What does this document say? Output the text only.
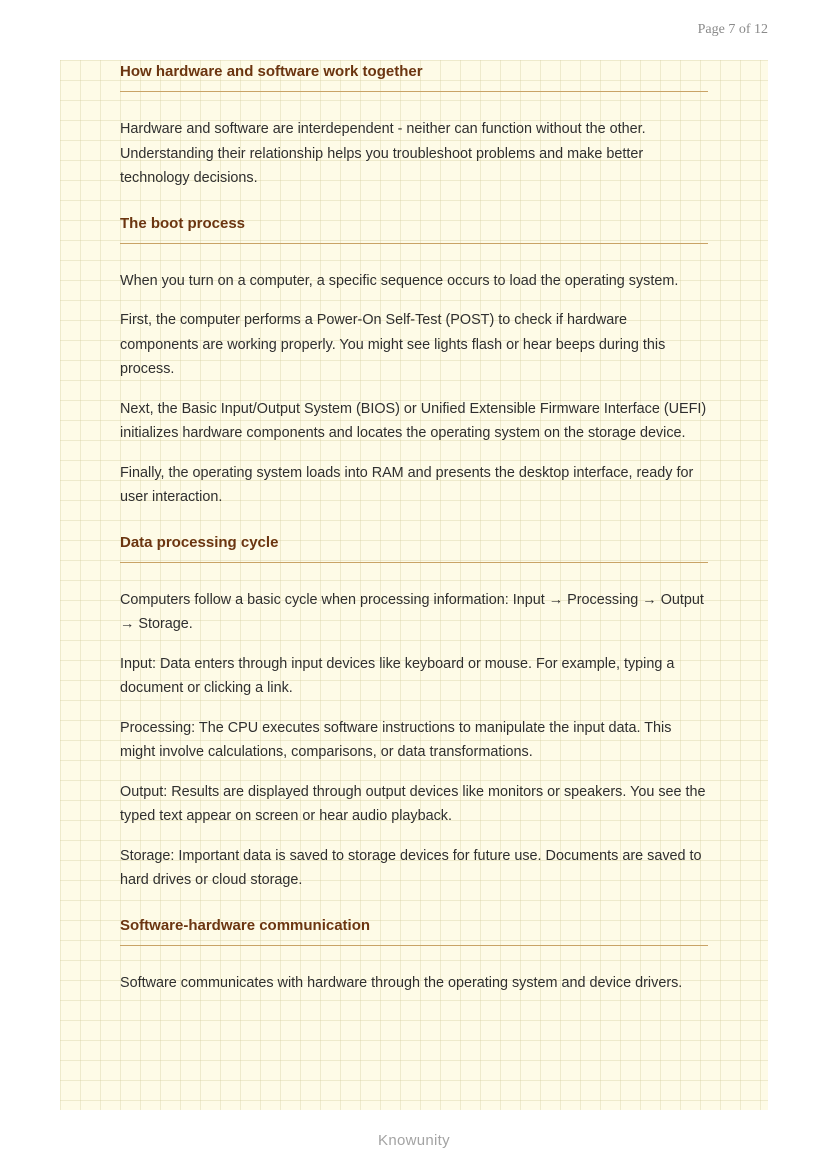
Page 7 of 12
How hardware and software work together

Hardware and software are interdependent - neither can function without the other. Understanding their relationship helps you troubleshoot problems and make better technology decisions.

The boot process

When you turn on a computer, a specific sequence occurs to load the operating system.

First, the computer performs a Power-On Self-Test (POST) to check if hardware components are working properly. You might see lights flash or hear beeps during this process.

Next, the Basic Input/Output System (BIOS) or Unified Extensible Firmware Interface (UEFI) initializes hardware components and locates the operating system on the storage device.

Finally, the operating system loads into RAM and presents the desktop interface, ready for user interaction.

Data processing cycle

Computers follow a basic cycle when processing information: Input → Processing → Output → Storage.

Input: Data enters through input devices like keyboard or mouse. For example, typing a document or clicking a link.

Processing: The CPU executes software instructions to manipulate the input data. This might involve calculations, comparisons, or data transformations.

Output: Results are displayed through output devices like monitors or speakers. You see the typed text appear on screen or hear audio playback.

Storage: Important data is saved to storage devices for future use. Documents are saved to hard drives or cloud storage.

Software-hardware communication

Software communicates with hardware through the operating system and device drivers.

Knowunity
